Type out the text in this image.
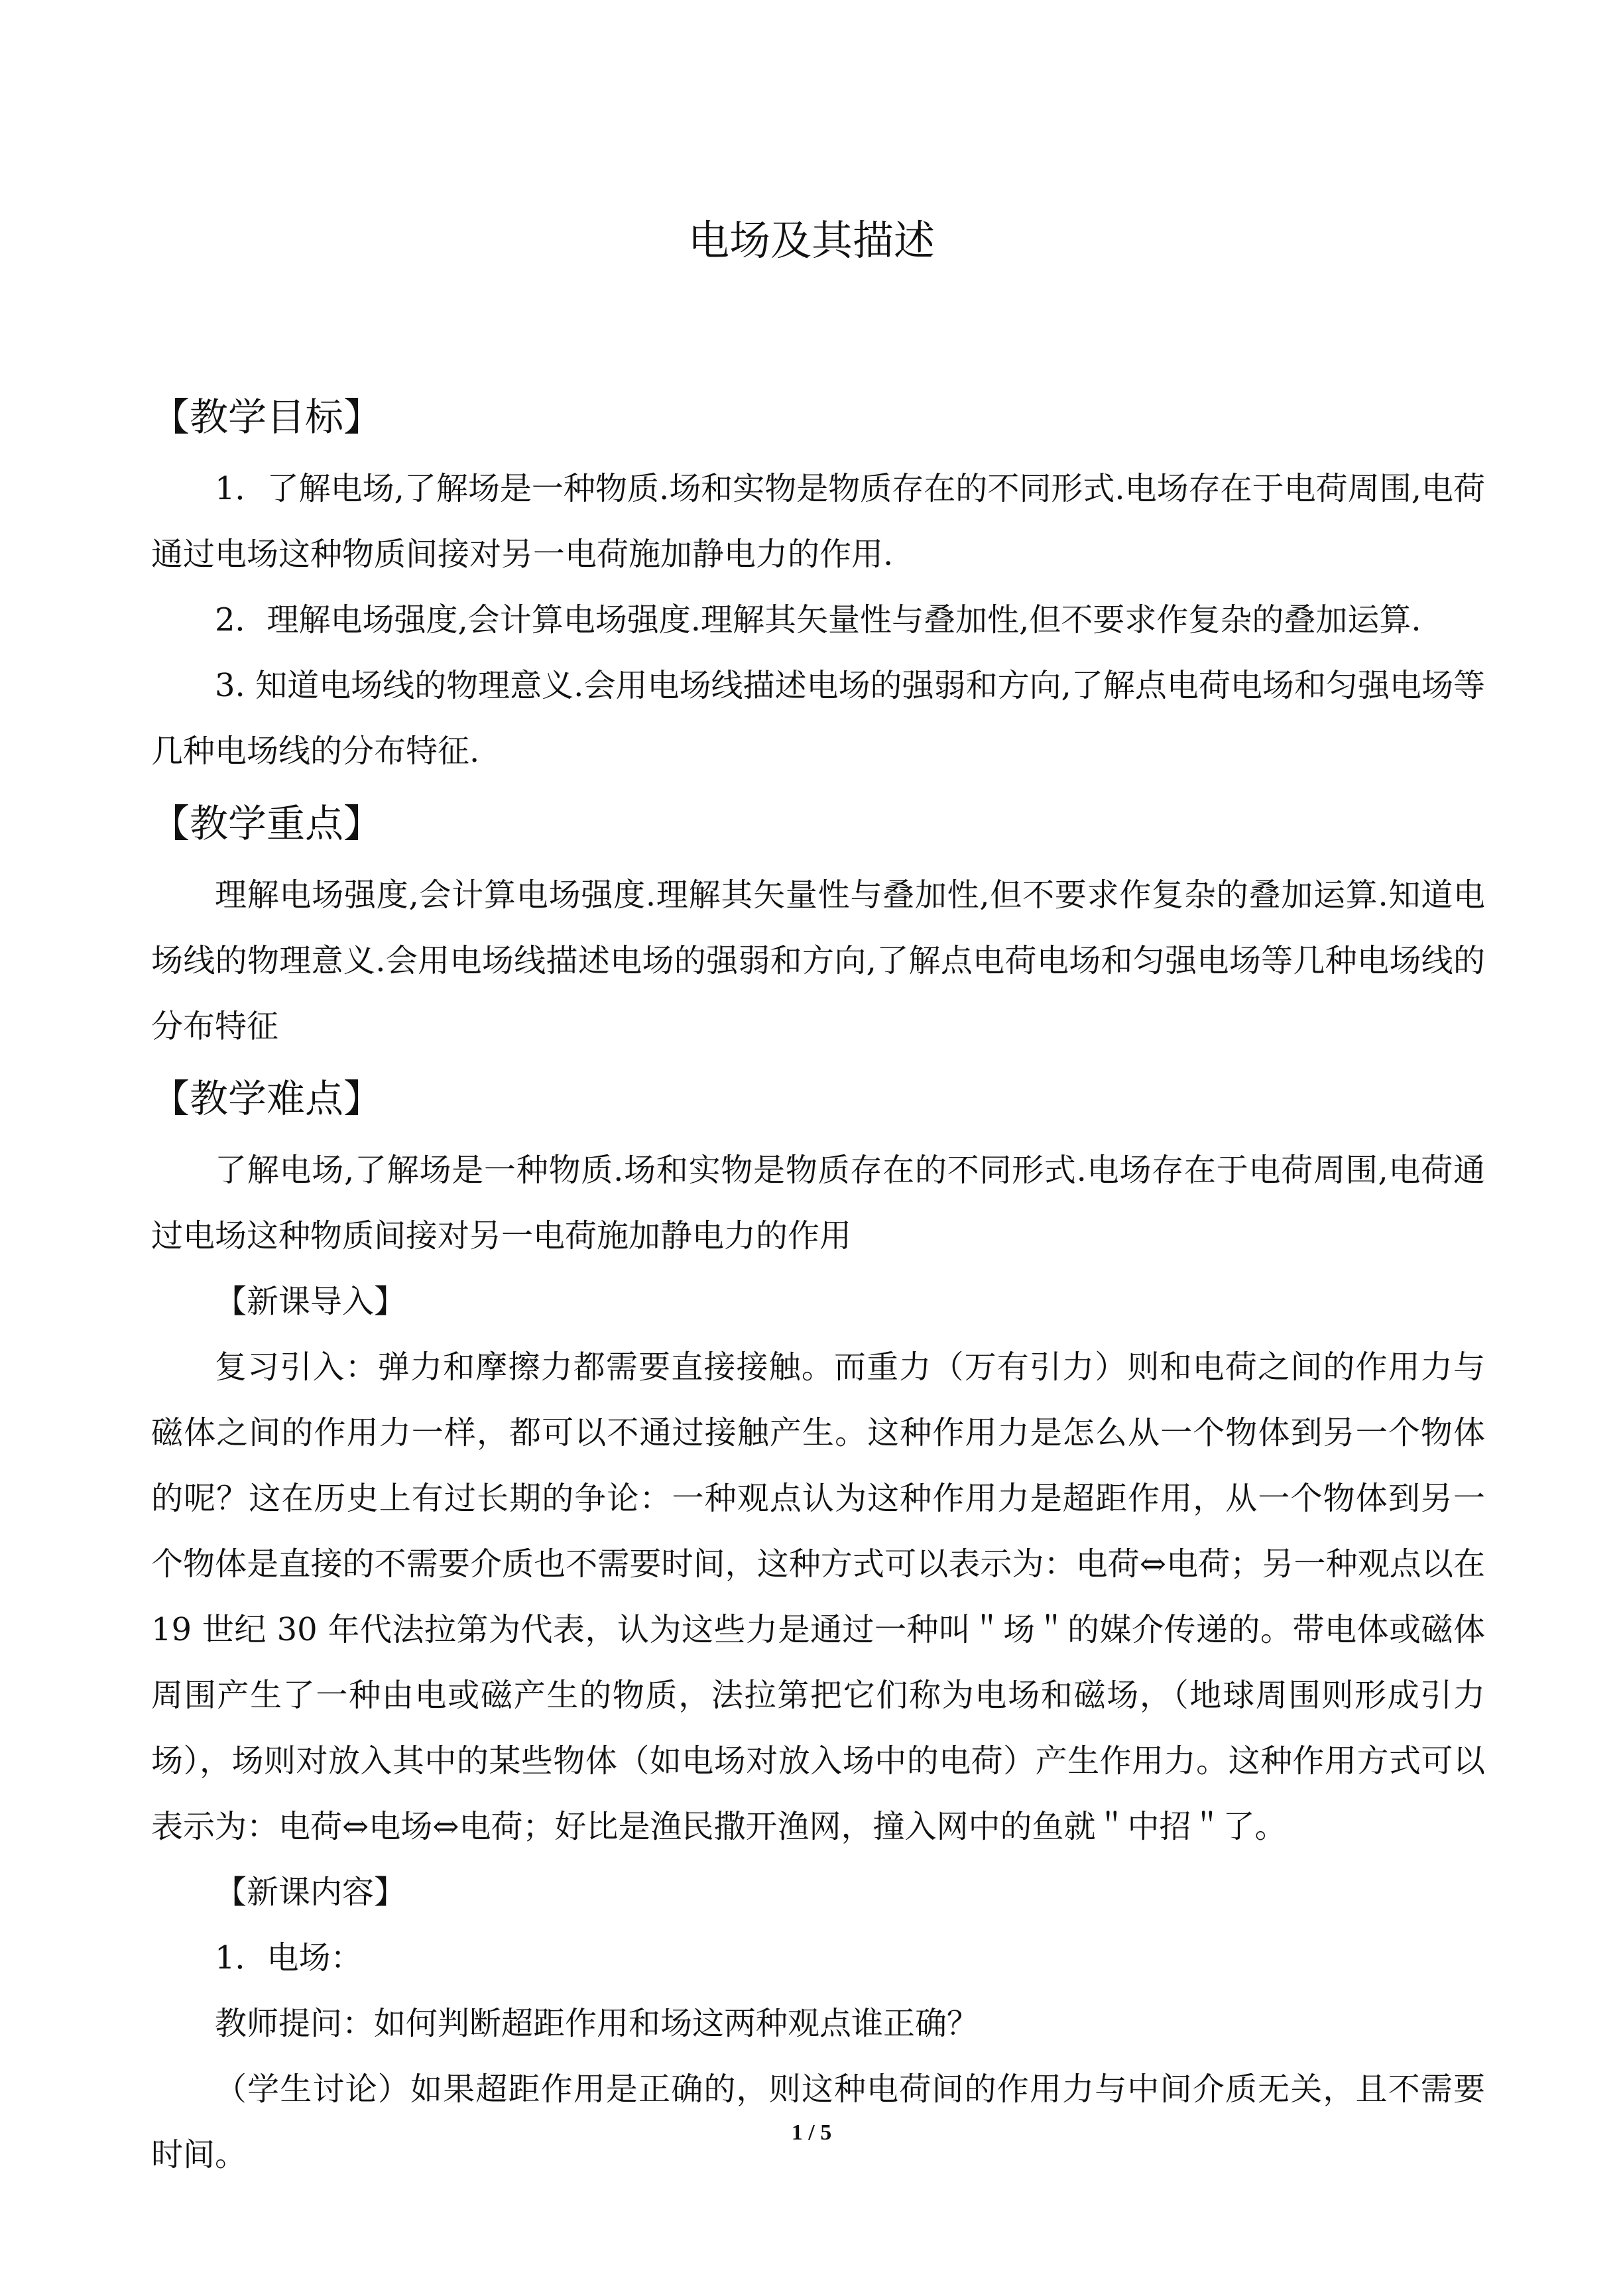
电场及其描述
【教学目标】

1．了解电场,了解场是一种物质.场和实物是物质存在的不同形式.电场存在于电荷周围,电荷通过电场这种物质间接对另一电荷施加静电力的作用.

2．理解电场强度,会计算电场强度.理解其矢量性与叠加性,但不要求作复杂的叠加运算.

3. 知道电场线的物理意义.会用电场线描述电场的强弱和方向,了解点电荷电场和匀强电场等几种电场线的分布特征.

【教学重点】

理解电场强度,会计算电场强度.理解其矢量性与叠加性,但不要求作复杂的叠加运算.知道电场线的物理意义.会用电场线描述电场的强弱和方向,了解点电荷电场和匀强电场等几种电场线的分布特征

【教学难点】

了解电场,了解场是一种物质.场和实物是物质存在的不同形式.电场存在于电荷周围,电荷通过电场这种物质间接对另一电荷施加静电力的作用

【新课导入】

复习引入：弹力和摩擦力都需要直接接触。而重力（万有引力）则和电荷之间的作用力与磁体之间的作用力一样，都可以不通过接触产生。这种作用力是怎么从一个物体到另一个物体的呢？这在历史上有过长期的争论：一种观点认为这种作用力是超距作用，从一个物体到另一个物体是直接的不需要介质也不需要时间，这种方式可以表示为：电荷⇔电荷；另一种观点以在 19 世纪 30 年代法拉第为代表，认为这些力是通过一种叫＂场＂的媒介传递的。带电体或磁体周围产生了一种由电或磁产生的物质，法拉第把它们称为电场和磁场，（地球周围则形成引力场），场则对放入其中的某些物体（如电场对放入场中的电荷）产生作用力。这种作用方式可以表示为：电荷⇔电场⇔电荷；好比是渔民撒开渔网，撞入网中的鱼就＂中招＂了。

【新课内容】

1．电场：

教师提问：如何判断超距作用和场这两种观点谁正确？

（学生讨论）如果超距作用是正确的，则这种电荷间的作用力与中间介质无关，且不需要时间。

1 / 5
